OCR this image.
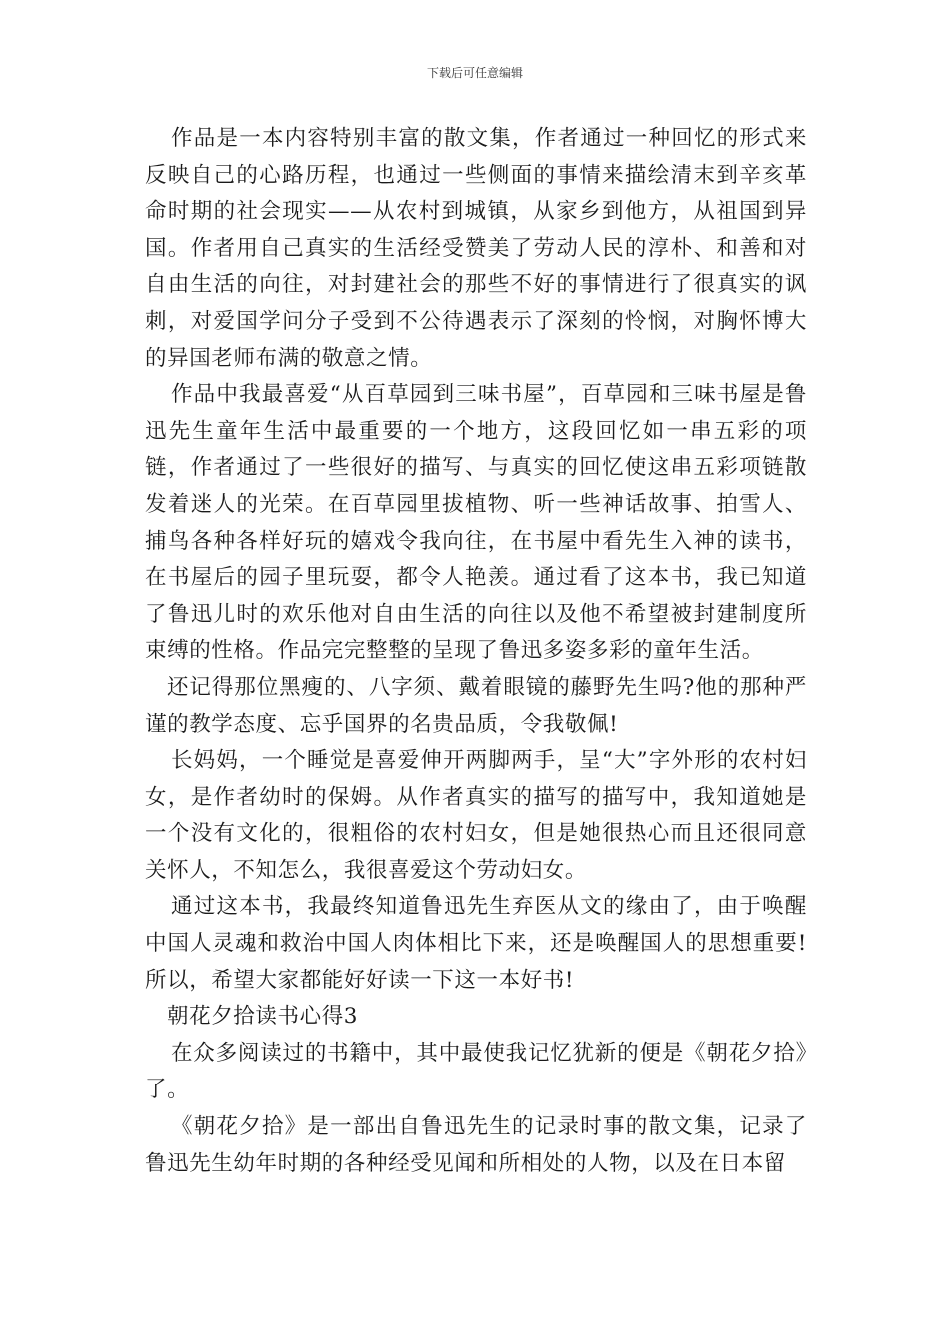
下载后可任意编辑

作品是一本内容特别丰富的散文集，作者通过一种回忆的形式来反映自己的心路历程，也通过一些侧面的事情来描绘清末到辛亥革命时期的社会现实——从农村到城镇，从家乡到他方，从祖国到异国。作者用自己真实的生活经受赞美了劳动人民的淳朴、和善和对自由生活的向往，对封建社会的那些不好的事情进行了很真实的讽刺，对爱国学问分子受到不公待遇表示了深刻的怜悯，对胸怀博大的异国老师布满的敬意之情。

作品中我最喜爱“从百草园到三味书屋”，百草园和三味书屋是鲁迅先生童年生活中最重要的一个地方，这段回忆如一串五彩的项链，作者通过了一些很好的描写、与真实的回忆使这串五彩项链散发着迷人的光荣。在百草园里拔植物、听一些神话故事、拍雪人、捕鸟各种各样好玩的嬉戏令我向往，在书屋中看先生入神的读书，在书屋后的园子里玩耍，都令人艳羡。通过看了这本书，我已知道了鲁迅儿时的欢乐他对自由生活的向往以及他不希望被封建制度所束缚的性格。作品完完整整的呈现了鲁迅多姿多彩的童年生活。

还记得那位黑瘦的、八字须、戴着眼镜的藤野先生吗?他的那种严谨的教学态度、忘乎国界的名贵品质，令我敬佩!

长妈妈，一个睡觉是喜爱伸开两脚两手，呈“大”字外形的农村妇女，是作者幼时的保姆。从作者真实的描写的描写中，我知道她是一个没有文化的，很粗俗的农村妇女，但是她很热心而且还很同意关怀人，不知怎么，我很喜爱这个劳动妇女。

通过这本书，我最终知道鲁迅先生弃医从文的缘由了，由于唤醒中国人灵魂和救治中国人肉体相比下来，还是唤醒国人的思想重要!所以，希望大家都能好好读一下这一本好书!

朝花夕拾读书心得3

在众多阅读过的书籍中，其中最使我记忆犹新的便是《朝花夕拾》了。

《朝花夕拾》是一部出自鲁迅先生的记录时事的散文集，记录了鲁迅先生幼年时期的各种经受见闻和所相处的人物，以及在日本留
